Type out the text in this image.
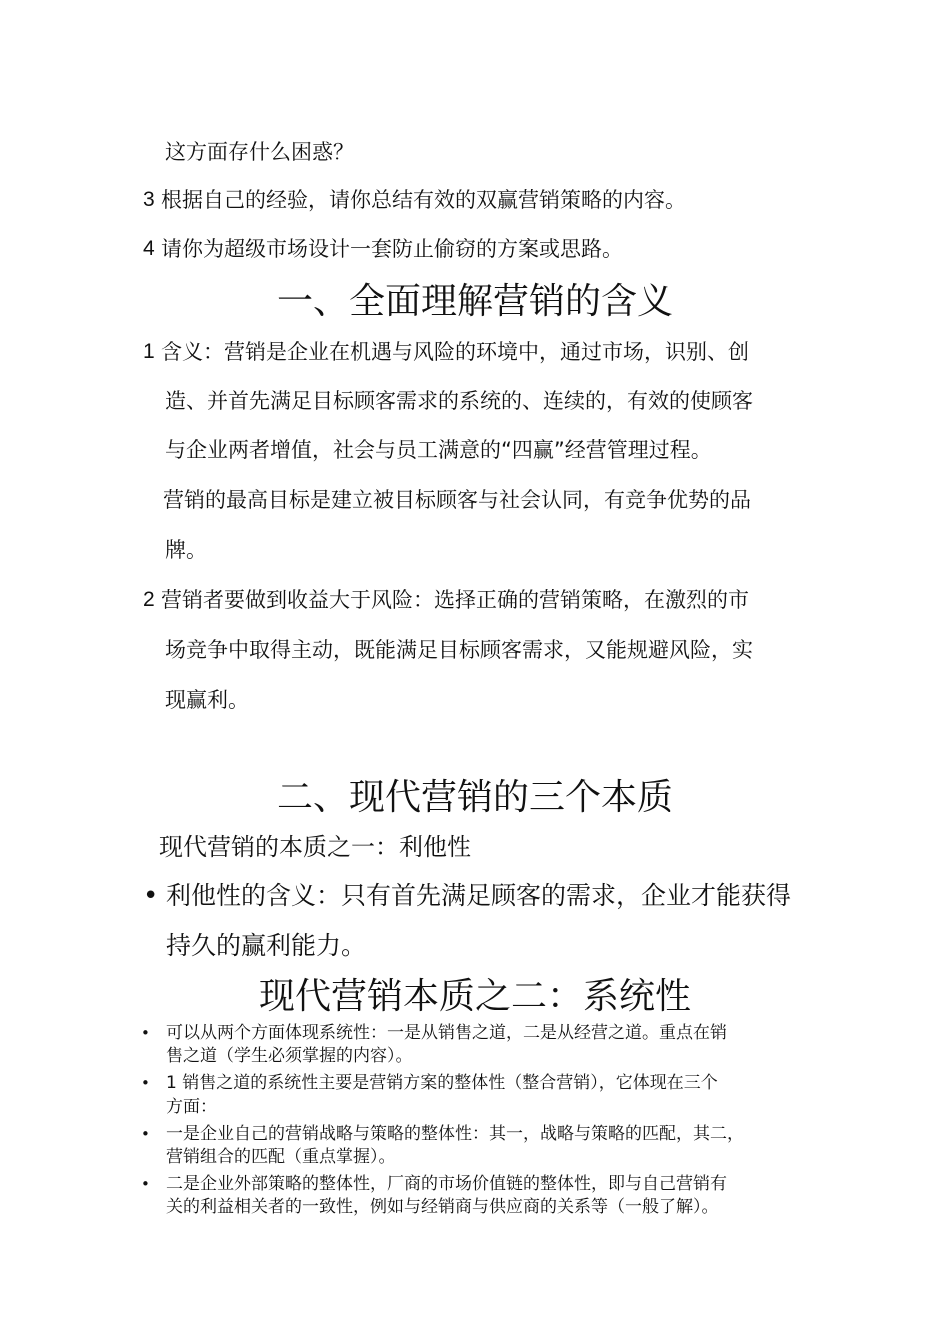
这方面存什么困惑？
3 根据自己的经验，请你总结有效的双赢营销策略的内容。
4 请你为超级市场设计一套防止偷窃的方案或思路。
一、全面理解营销的含义
1 含义：营销是企业在机遇与风险的环境中，通过市场，识别、创
造、并首先满足目标顾客需求的系统的、连续的，有效的使顾客
与企业两者增值，社会与员工满意的“四赢”经营管理过程。
营销的最高目标是建立被目标顾客与社会认同，有竞争优势的品
牌。
2 营销者要做到收益大于风险：选择正确的营销策略，在激烈的市
场竞争中取得主动，既能满足目标顾客需求，又能规避风险，实
现赢利。
二、现代营销的三个本质
现代营销的本质之一：利他性
• 利他性的含义：只有首先满足顾客的需求，企业才能获得
持久的赢利能力。
现代营销本质之二：系统性
• 可以从两个方面体现系统性：一是从销售之道，二是从经营之道。重点在销
售之道（学生必须掌握的内容）。
• 1 销售之道的系统性主要是营销方案的整体性（整合营销），它体现在三个
方面：
• 一是企业自己的营销战略与策略的整体性：其一，战略与策略的匹配，其二，
营销组合的匹配（重点掌握）。
• 二是企业外部策略的整体性，厂商的市场价值链的整体性，即与自己营销有
关的利益相关者的一致性，例如与经销商与供应商的关系等（一般了解）。
